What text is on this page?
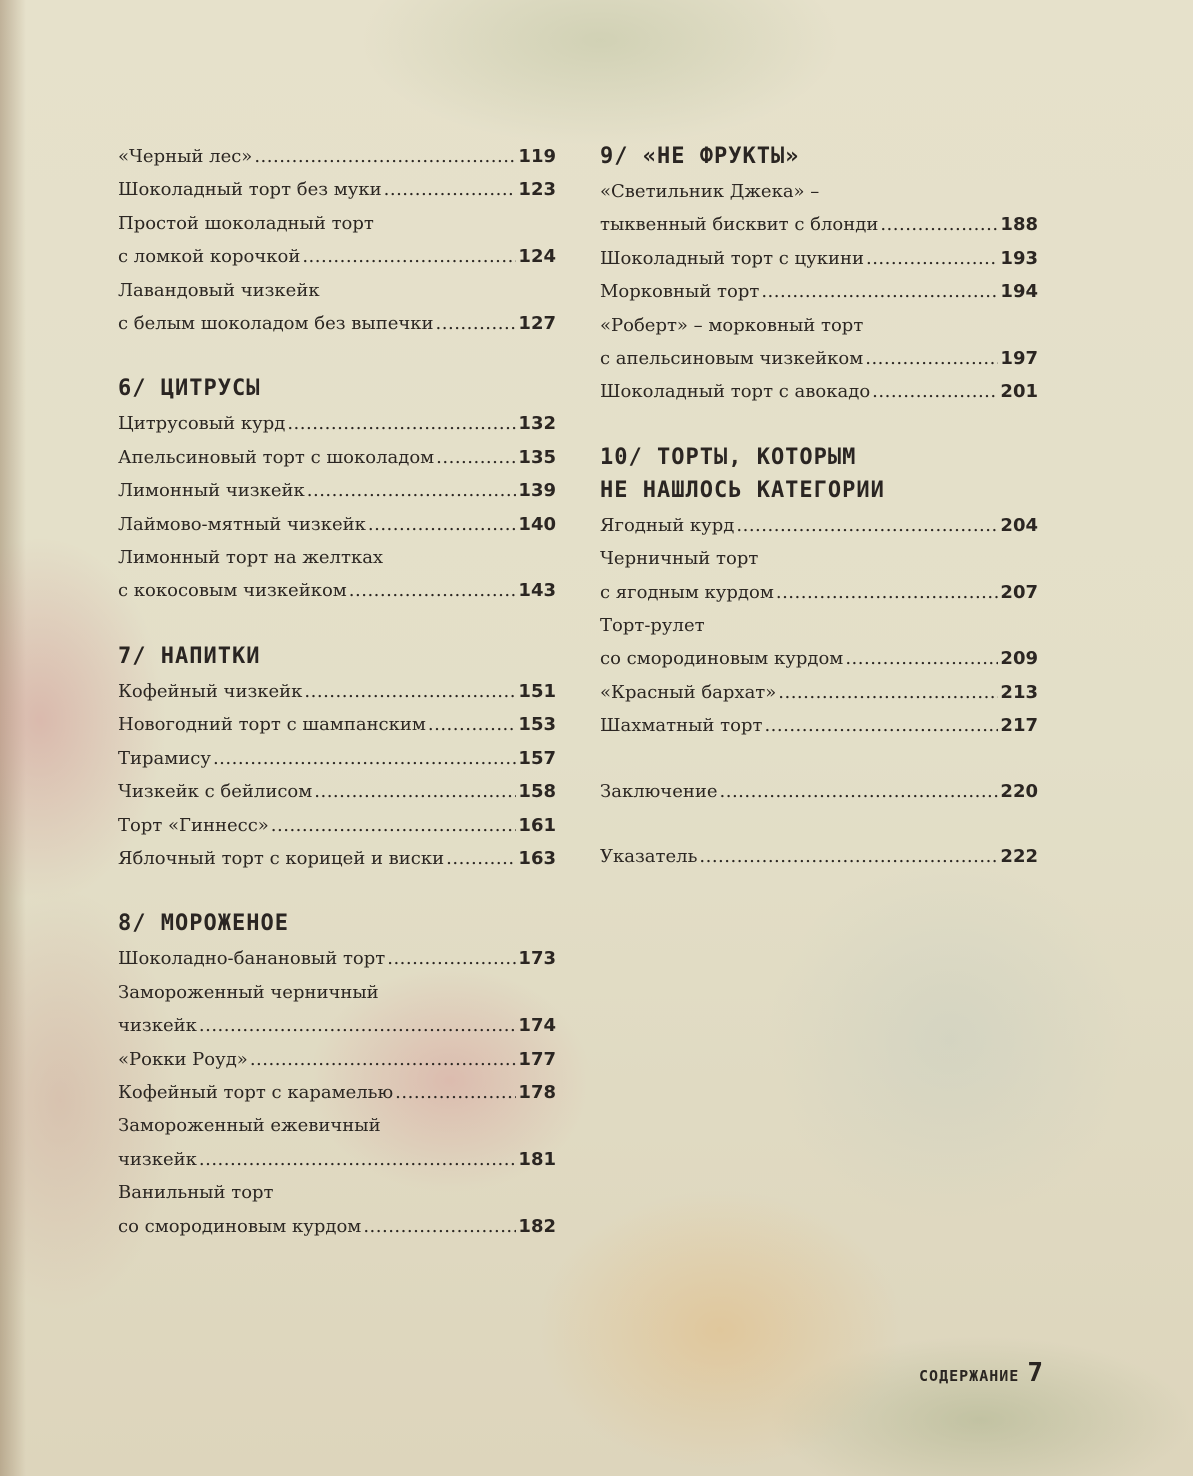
«Черный лес» .....	119
Шоколадный торт без муки .....	123
Простой шоколадный торт
с ломкой корочкой .....	124
Лавандовый чизкейк
с белым шоколадом без выпечки .....	127
6/ ЦИТРУСЫ
Цитрусовый курд .....	132
Апельсиновый торт с шоколадом .....	135
Лимонный чизкейк .....	139
Лаймово-мятный чизкейк .....	140
Лимонный торт на желтках
с кокосовым чизкейком .....	143
7/ НАПИТКИ
Кофейный чизкейк .....	151
Новогодний торт с шампанским .....	153
Тирамису .....	157
Чизкейк с бейлисом .....	158
Торт «Гиннесс» .....	161
Яблочный торт с корицей и виски .....	163
8/ МОРОЖЕНОЕ
Шоколадно-банановый торт .....	173
Замороженный черничный
чизкейк .....	174
«Рокки Роуд» .....	177
Кофейный торт с карамелью .....	178
Замороженный ежевичный
чизкейк .....	181
Ванильный торт
со смородиновым курдом .....	182
9/ «НЕ ФРУКТЫ»
«Светильник Джека» –
тыквенный бисквит с блонди .....	188
Шоколадный торт с цукини .....	193
Морковный торт .....	194
«Роберт» – морковный торт
с апельсиновым чизкейком .....	197
Шоколадный торт с авокадо .....	201
10/ ТОРТЫ, КОТОРЫМ
НЕ НАШЛОСЬ КАТЕГОРИИ
Ягодный курд .....	204
Черничный торт
с ягодным курдом .....	207
Торт-рулет
со смородиновым курдом .....	209
«Красный бархат» .....	213
Шахматный торт .....	217
Заключение .....	220
Указатель .....	222
СОДЕРЖАНИЕ 7
